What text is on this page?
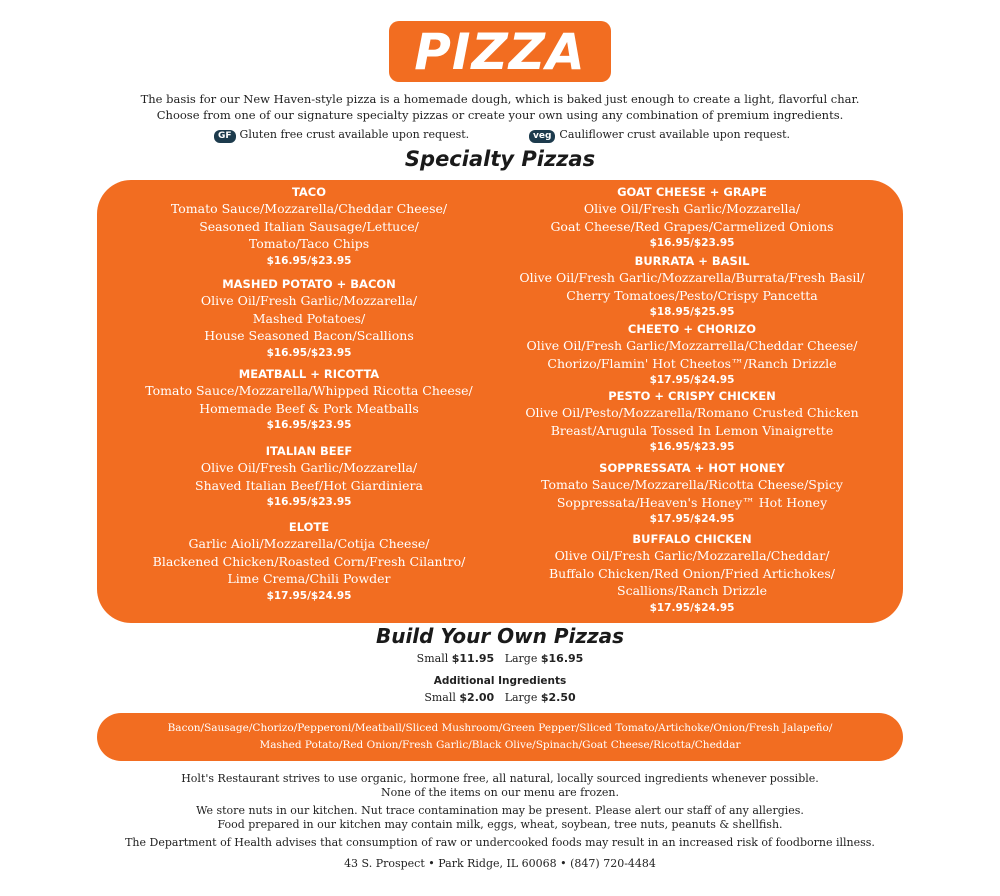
PIZZA
The basis for our New Haven-style pizza is a homemade dough, which is baked just enough to create a light, flavorful char.
Choose from one of our signature specialty pizzas or create your own using any combination of premium ingredients.
GF Gluten free crust available upon request.	veg Cauliflower crust available upon request.
Specialty Pizzas
TACO
Tomato Sauce/Mozzarella/Cheddar Cheese/
Seasoned Italian Sausage/Lettuce/
Tomato/Taco Chips
$16.95/$23.95
MASHED POTATO + BACON
Olive Oil/Fresh Garlic/Mozzarella/
Mashed Potatoes/
House Seasoned Bacon/Scallions
$16.95/$23.95
MEATBALL + RICOTTA
Tomato Sauce/Mozzarella/Whipped Ricotta Cheese/
Homemade Beef & Pork Meatballs
$16.95/$23.95
ITALIAN BEEF
Olive Oil/Fresh Garlic/Mozzarella/
Shaved Italian Beef/Hot Giardiniera
$16.95/$23.95
ELOTE
Garlic Aioli/Mozzarella/Cotija Cheese/
Blackened Chicken/Roasted Corn/Fresh Cilantro/
Lime Crema/Chili Powder
$17.95/$24.95
GOAT CHEESE + GRAPE
Olive Oil/Fresh Garlic/Mozzarella/
Goat Cheese/Red Grapes/Carmelized Onions
$16.95/$23.95
BURRATA + BASIL
Olive Oil/Fresh Garlic/Mozzarella/Burrata/Fresh Basil/
Cherry Tomatoes/Pesto/Crispy Pancetta
$18.95/$25.95
CHEETO + CHORIZO
Olive Oil/Fresh Garlic/Mozzarrella/Cheddar Cheese/
Chorizo/Flamin' Hot Cheetos™/Ranch Drizzle
$17.95/$24.95
PESTO + CRISPY CHICKEN
Olive Oil/Pesto/Mozzarella/Romano Crusted Chicken
Breast/Arugula Tossed In Lemon Vinaigrette
$16.95/$23.95
SOPPRESSATA + HOT HONEY
Tomato Sauce/Mozzarella/Ricotta Cheese/Spicy
Soppressata/Heaven's Honey™ Hot Honey
$17.95/$24.95
BUFFALO CHICKEN
Olive Oil/Fresh Garlic/Mozzarella/Cheddar/
Buffalo Chicken/Red Onion/Fried Artichokes/
Scallions/Ranch Drizzle
$17.95/$24.95
Build Your Own Pizzas
Small $11.95 Large $16.95
Additional Ingredients
Small $2.00 Large $2.50
Bacon/Sausage/Chorizo/Pepperoni/Meatball/Sliced Mushroom/Green Pepper/Sliced Tomato/Artichoke/Onion/Fresh Jalapeño/
Mashed Potato/Red Onion/Fresh Garlic/Black Olive/Spinach/Goat Cheese/Ricotta/Cheddar
Holt's Restaurant strives to use organic, hormone free, all natural, locally sourced ingredients whenever possible.
None of the items on our menu are frozen.
We store nuts in our kitchen. Nut trace contamination may be present. Please alert our staff of any allergies.
Food prepared in our kitchen may contain milk, eggs, wheat, soybean, tree nuts, peanuts & shellfish.
The Department of Health advises that consumption of raw or undercooked foods may result in an increased risk of foodborne illness.
43 S. Prospect • Park Ridge, IL 60068 • (847) 720-4484
